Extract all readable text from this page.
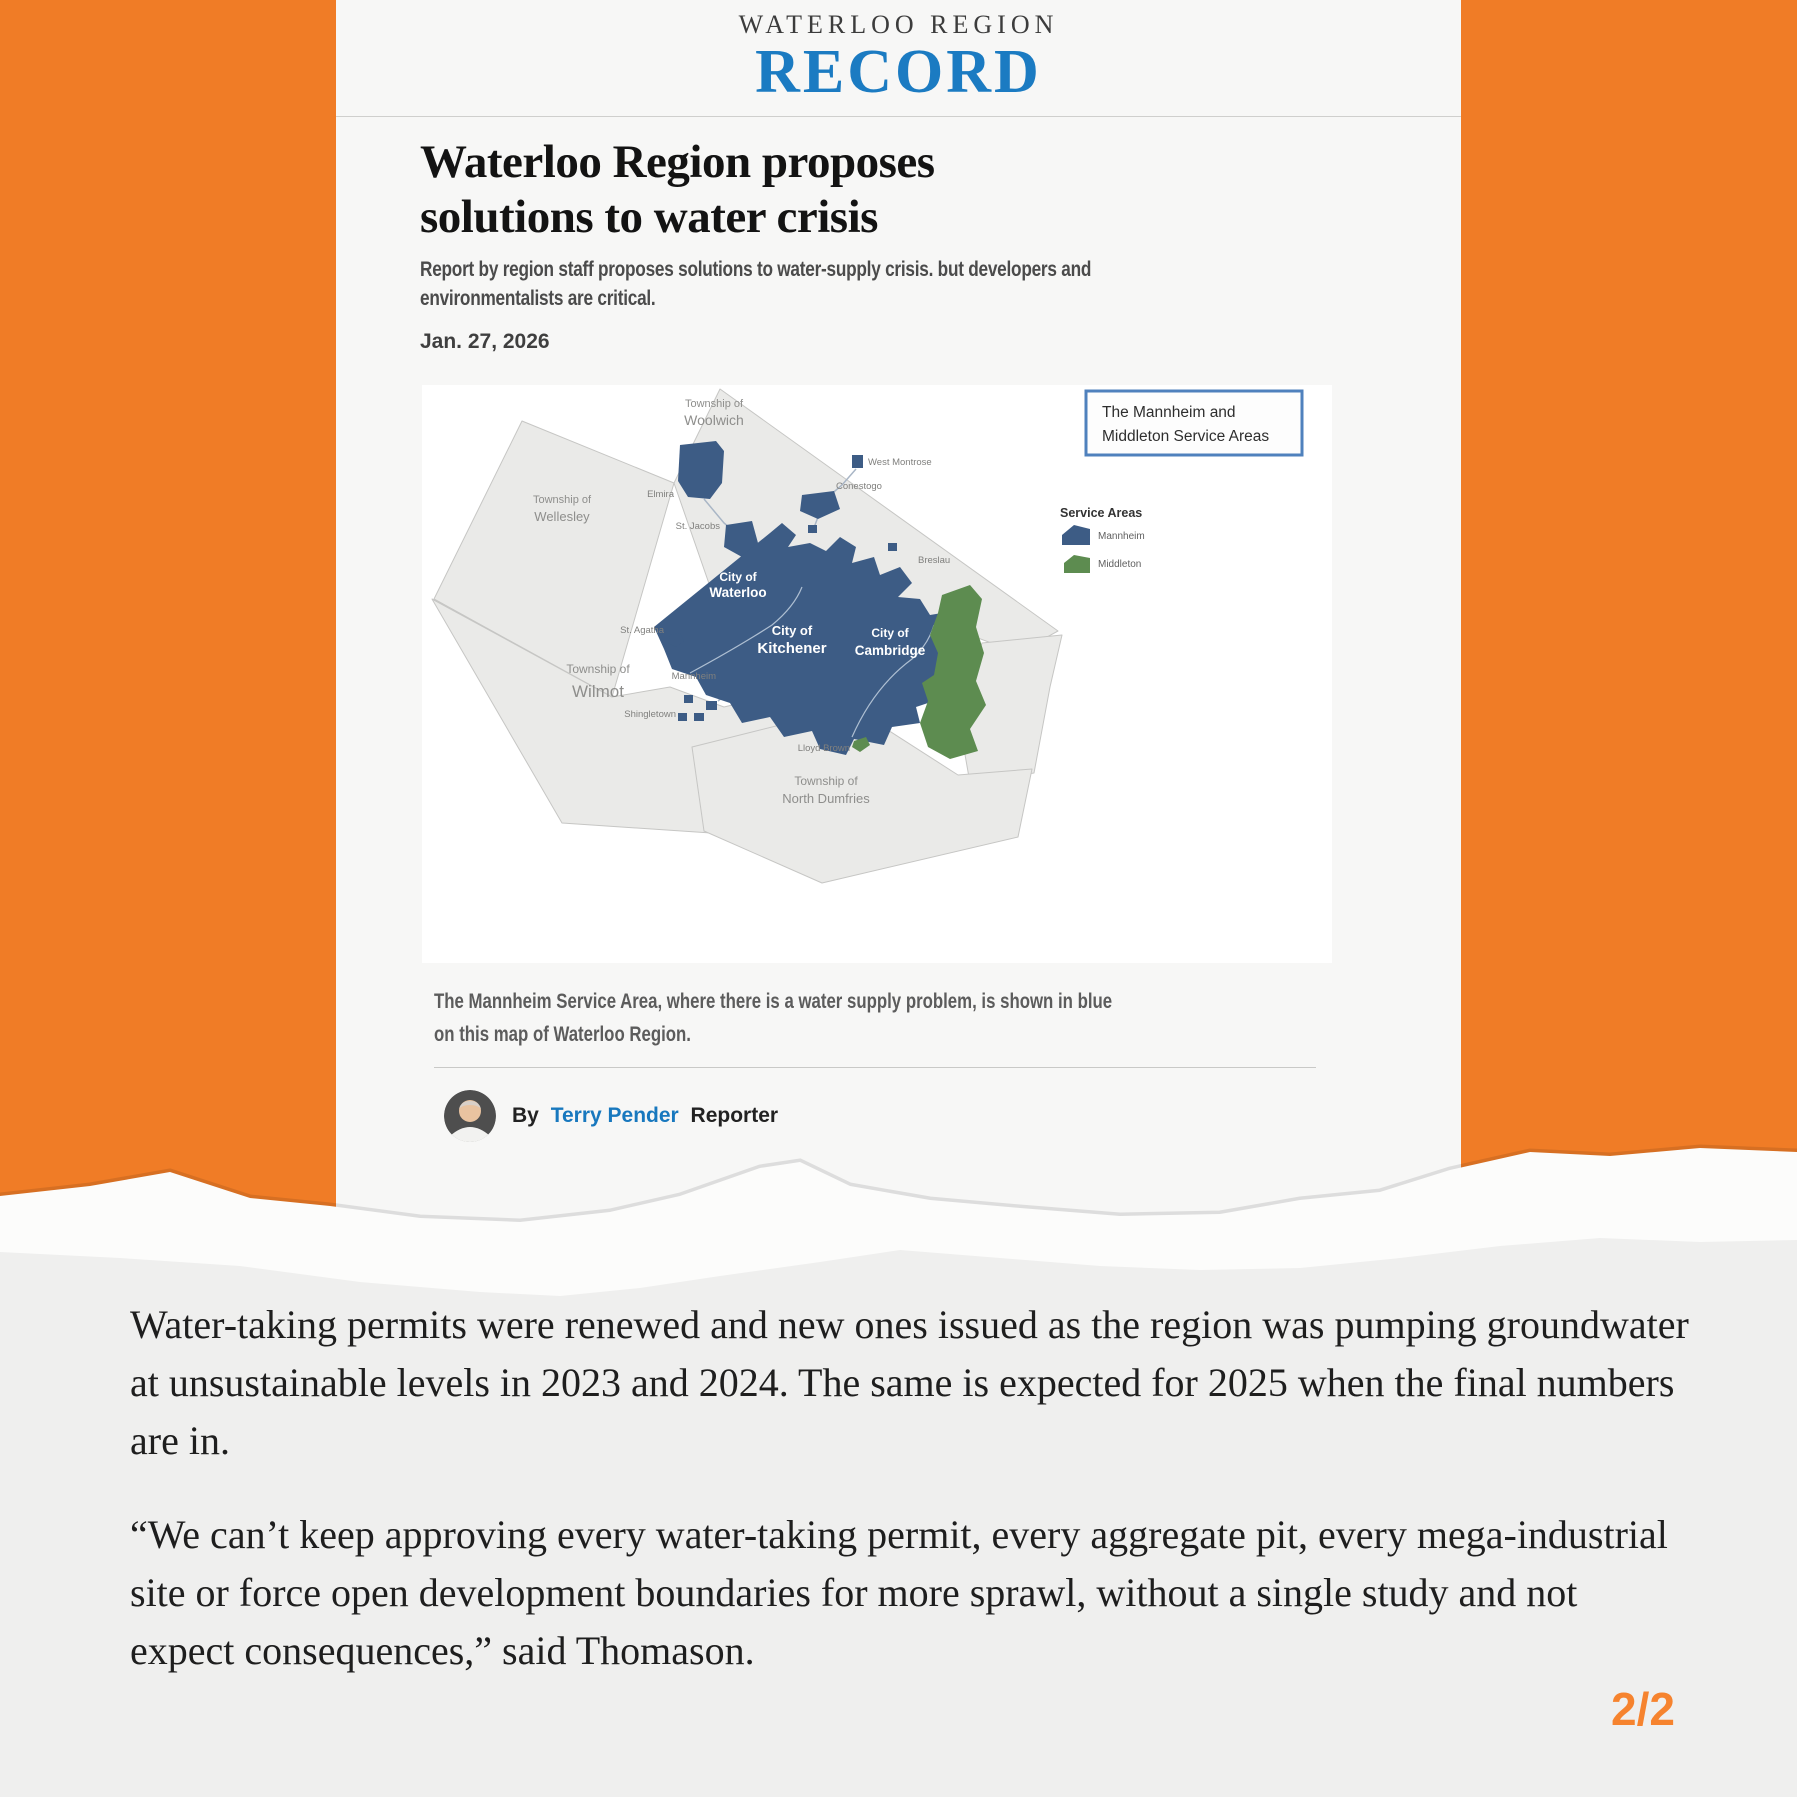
WATERLOO REGION
RECORD
Waterloo Region proposes
solutions to water crisis

Report by region staff proposes solutions to water-supply crisis. but developers and environmentalists are critical.

Jan. 27, 2026

Township of
Woolwich
Township of
Wellesley
Township of
Wilmot
Township of
North Dumfries
Elmira
West Montrose
Conestogo
St. Jacobs
Breslau
St. Agatha
Mannheim
Shingletown
Lloyd Brown
City of
Waterloo
City of
Kitchener
City of
Cambridge
The Mannheim and
Middleton Service Areas
Service Areas
Mannheim
Middleton

The Mannheim Service Area, where there is a water supply problem, is shown in blue on this map of Waterloo Region.

By Terry Pender Reporter

Water-taking permits were renewed and new ones issued as the region was pumping groundwater at unsustainable levels in 2023 and 2024. The same is expected for 2025 when the final numbers are in.

“We can’t keep approving every water-taking permit, every aggregate pit, every mega-industrial site or force open development boundaries for more sprawl, without a single study and not expect consequences,” said Thomason.

2/2
